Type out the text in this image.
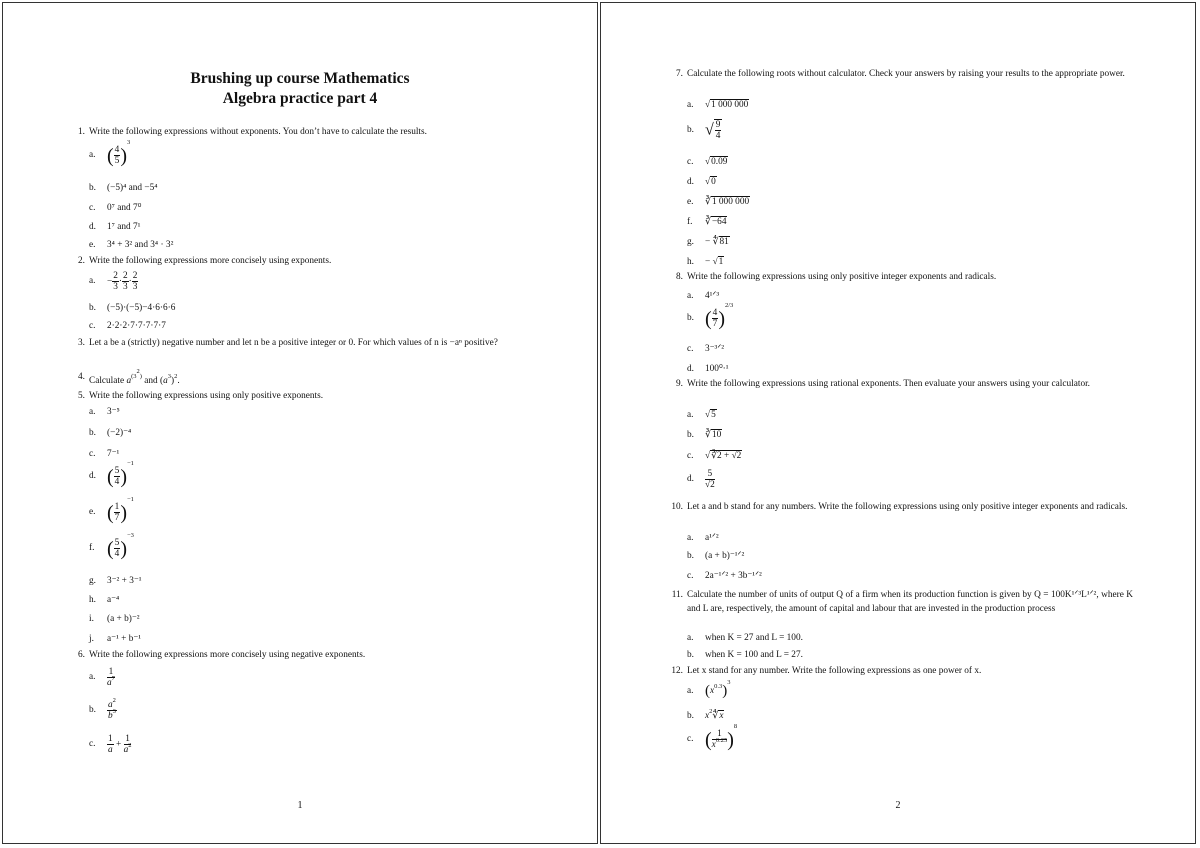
Brushing up course Mathematics
Algebra practice part 4
1. Write the following expressions without exponents. You don’t have to calculate the results.
a. ( $\frac{4}{5} )^3$
b. (−5)⁴ and −5⁴
c. 0⁷ and 7⁰
d. 1⁷ and 7¹
e. 3⁴ + 3² and 3⁴ · 3²
2. Write the following expressions more concisely using exponents.
a. − $\frac{2}{3} \cdot \frac{2}{3} \cdot \frac{2}{3}$
b. (−5)·(−5)−4·6·6·6
c. 2·2·2·7·7·7·7·7
3. Let a be a (strictly) negative number and let n be a positive integer or 0. For which values of n is −aⁿ positive?
4. Calculate $a^{(3^2)}$ and $(a^3)^2$.
5. Write the following expressions using only positive exponents.
a. 3⁻⁵
b. (−2)⁻⁴
c. 7⁻¹
d. ( $\frac{5}{4} )^{-1}$
e. ( $\frac{1}{7} )^{-1}$
f. ( $\frac{5}{4} )^{-3}$
g. 3⁻² + 3⁻¹
h. a⁻⁴
i. (a + b)⁻²
j. a⁻¹ + b⁻¹
6. Write the following expressions more concisely using negative exponents.
a. $\frac{1}{a^7}$
b. $\frac{a^2}{b^3}$
c. $\frac{1}{a} + \frac{1}{a^2}$
1
7. Calculate the following roots without calculator. Check your answers by raising your results to the appropriate power.
a. √1 000 000
b. √ $\frac{9}{4}$
c. √0.09
d. √0
e. ∛1 000 000
f. ∛−64
g. − ∜81
h. − √1
8. Write the following expressions using only positive integer exponents and radicals.
a. 4¹ᐟ³
b. ( $\frac{4}{7} )^{2/3}$
c. 3⁻³ᐟ²
d. 100⁰·¹
9. Write the following expressions using rational exponents. Then evaluate your answers using your calculator.
a. √5
b. ∛10
c. √∛2 + √2
d. $\frac{5}{√2}$
10. Let a and b stand for any numbers. Write the following expressions using only positive integer exponents and radicals.
a. a¹ᐟ²
b. (a + b)⁻¹ᐟ²
c. 2a⁻¹ᐟ² + 3b⁻¹ᐟ²
11. Calculate the number of units of output Q of a firm when its production function is given by Q = 100K¹ᐟ³L¹ᐟ², where K and L are, respectively, the amount of capital and labour that are invested in the production process
a. when K = 27 and L = 100.
b. when K = 100 and L = 27.
12. Let x stand for any number. Write the following expressions as one power of x.
a. $(x^{0.3})^3$
b. $x^2∜x$
c. ( $\frac{1}{x^{0.25}} )^8$
2
